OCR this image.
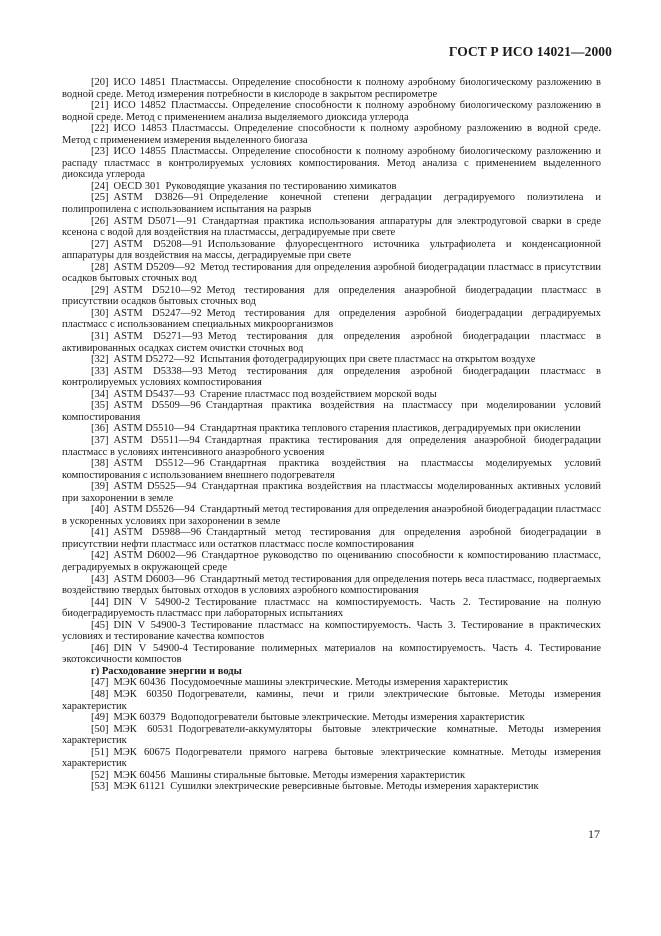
ГОСТ Р ИСО 14021—2000

[20] ИСО 14851 Пластмассы. Определение способности к полному аэробному биологическому разложению в водной среде. Метод измерения потребности в кислороде в закрытом респирометре

[21] ИСО 14852 Пластмассы. Определение способности к полному аэробному биологическому разложению в водной среде. Метод с применением анализа выделяемого диоксида углерода

[22] ИСО 14853 Пластмассы. Определение способности к полному аэробному разложению в водной среде. Метод с применением измерения выделенного биогаза

[23] ИСО 14855 Пластмассы. Определение способности к полному аэробному биологическому разложению и распаду пластмасс в контролируемых условиях компостирования. Метод анализа с применением выделенного диоксида углерода

[24] OECD 301 Руководящие указания по тестированию химикатов

[25] ASTM D3826—91 Определение конечной степени деградации деградируемого полиэтилена и полипропилена с использованием испытания на разрыв

[26] ASTM D5071—91 Стандартная практика использования аппаратуры для электродуговой сварки в среде ксенона с водой для воздействия на пластмассы, деградируемые при свете

[27] ASTM D5208—91 Использование флуоресцентного источника ультрафиолета и конденсационной аппаратуры для воздействия на массы, деградируемые при свете

[28] ASTM D5209—92 Метод тестирования для определения аэробной биодеградации пластмасс в присутствии осадков бытовых сточных вод

[29] ASTM D5210—92 Метод тестирования для определения анаэробной биодеградации пластмасс в присутствии осадков бытовых сточных вод

[30] ASTM D5247—92 Метод тестирования для определения аэробной биодеградации деградируемых пластмасс с использованием специальных микроорганизмов

[31] ASTM D5271—93 Метод тестирования для определения аэробной биодеградации пластмасс в активированных осадках систем очистки сточных вод

[32] ASTM D5272—92 Испытания фотодеградирующих при свете пластмасс на открытом воздухе

[33] ASTM D5338—93 Метод тестирования для определения аэробной биодеградации пластмасс в контролируемых условиях компостирования

[34] ASTM D5437—93 Старение пластмасс под воздействием морской воды

[35] ASTM D5509—96 Стандартная практика воздействия на пластмассу при моделировании условий компостирования

[36] ASTM D5510—94 Стандартная практика теплового старения пластиков, деградируемых при окислении

[37] ASTM D5511—94 Стандартная практика тестирования для определения анаэробной биодеградации пластмасс в условиях интенсивного анаэробного усвоения

[38] ASTM D5512—96 Стандартная практика воздействия на пластмассы моделируемых условий компостирования с использованием внешнего подогревателя

[39] ASTM D5525—94 Стандартная практика воздействия на пластмассы моделированных активных условий при захоронении в земле

[40] ASTM D5526—94 Стандартный метод тестирования для определения анаэробной биодеградации пластмасс в ускоренных условиях при захоронении в земле

[41] ASTM D5988—96 Стандартный метод тестирования для определения аэробной биодеградации в присутствии нефти пластмасс или остатков пластмасс после компостирования

[42] ASTM D6002—96 Стандартное руководство по оцениванию способности к компостированию пластмасс, деградируемых в окружающей среде

[43] ASTM D6003—96 Стандартный метод тестирования для определения потерь веса пластмасс, подвергаемых воздействию твердых бытовых отходов в условиях аэробного компостирования

[44] DIN V 54900-2 Тестирование пластмасс на компостируемость. Часть 2. Тестирование на полную биодеградируемость пластмасс при лабораторных испытаниях

[45] DIN V 54900-3 Тестирование пластмасс на компостируемость. Часть 3. Тестирование в практических условиях и тестирование качества компостов

[46] DIN V 54900-4 Тестирование полимерных материалов на компостируемость. Часть 4. Тестирование экотоксичности компостов

г) Расходование энергии и воды

[47] МЭК 60436 Посудомоечные машины электрические. Методы измерения характеристик

[48] МЭК 60350 Подогреватели, камины, печи и грили электрические бытовые. Методы измерения характеристик

[49] МЭК 60379 Водоподогреватели бытовые электрические. Методы измерения характеристик

[50] МЭК 60531 Подогреватели-аккумуляторы бытовые электрические комнатные. Методы измерения характеристик

[51] МЭК 60675 Подогреватели прямого нагрева бытовые электрические комнатные. Методы измерения характеристик

[52] МЭК 60456 Машины стиральные бытовые. Методы измерения характеристик

[53] МЭК 61121 Сушилки электрические реверсивные бытовые. Методы измерения характеристик

17
